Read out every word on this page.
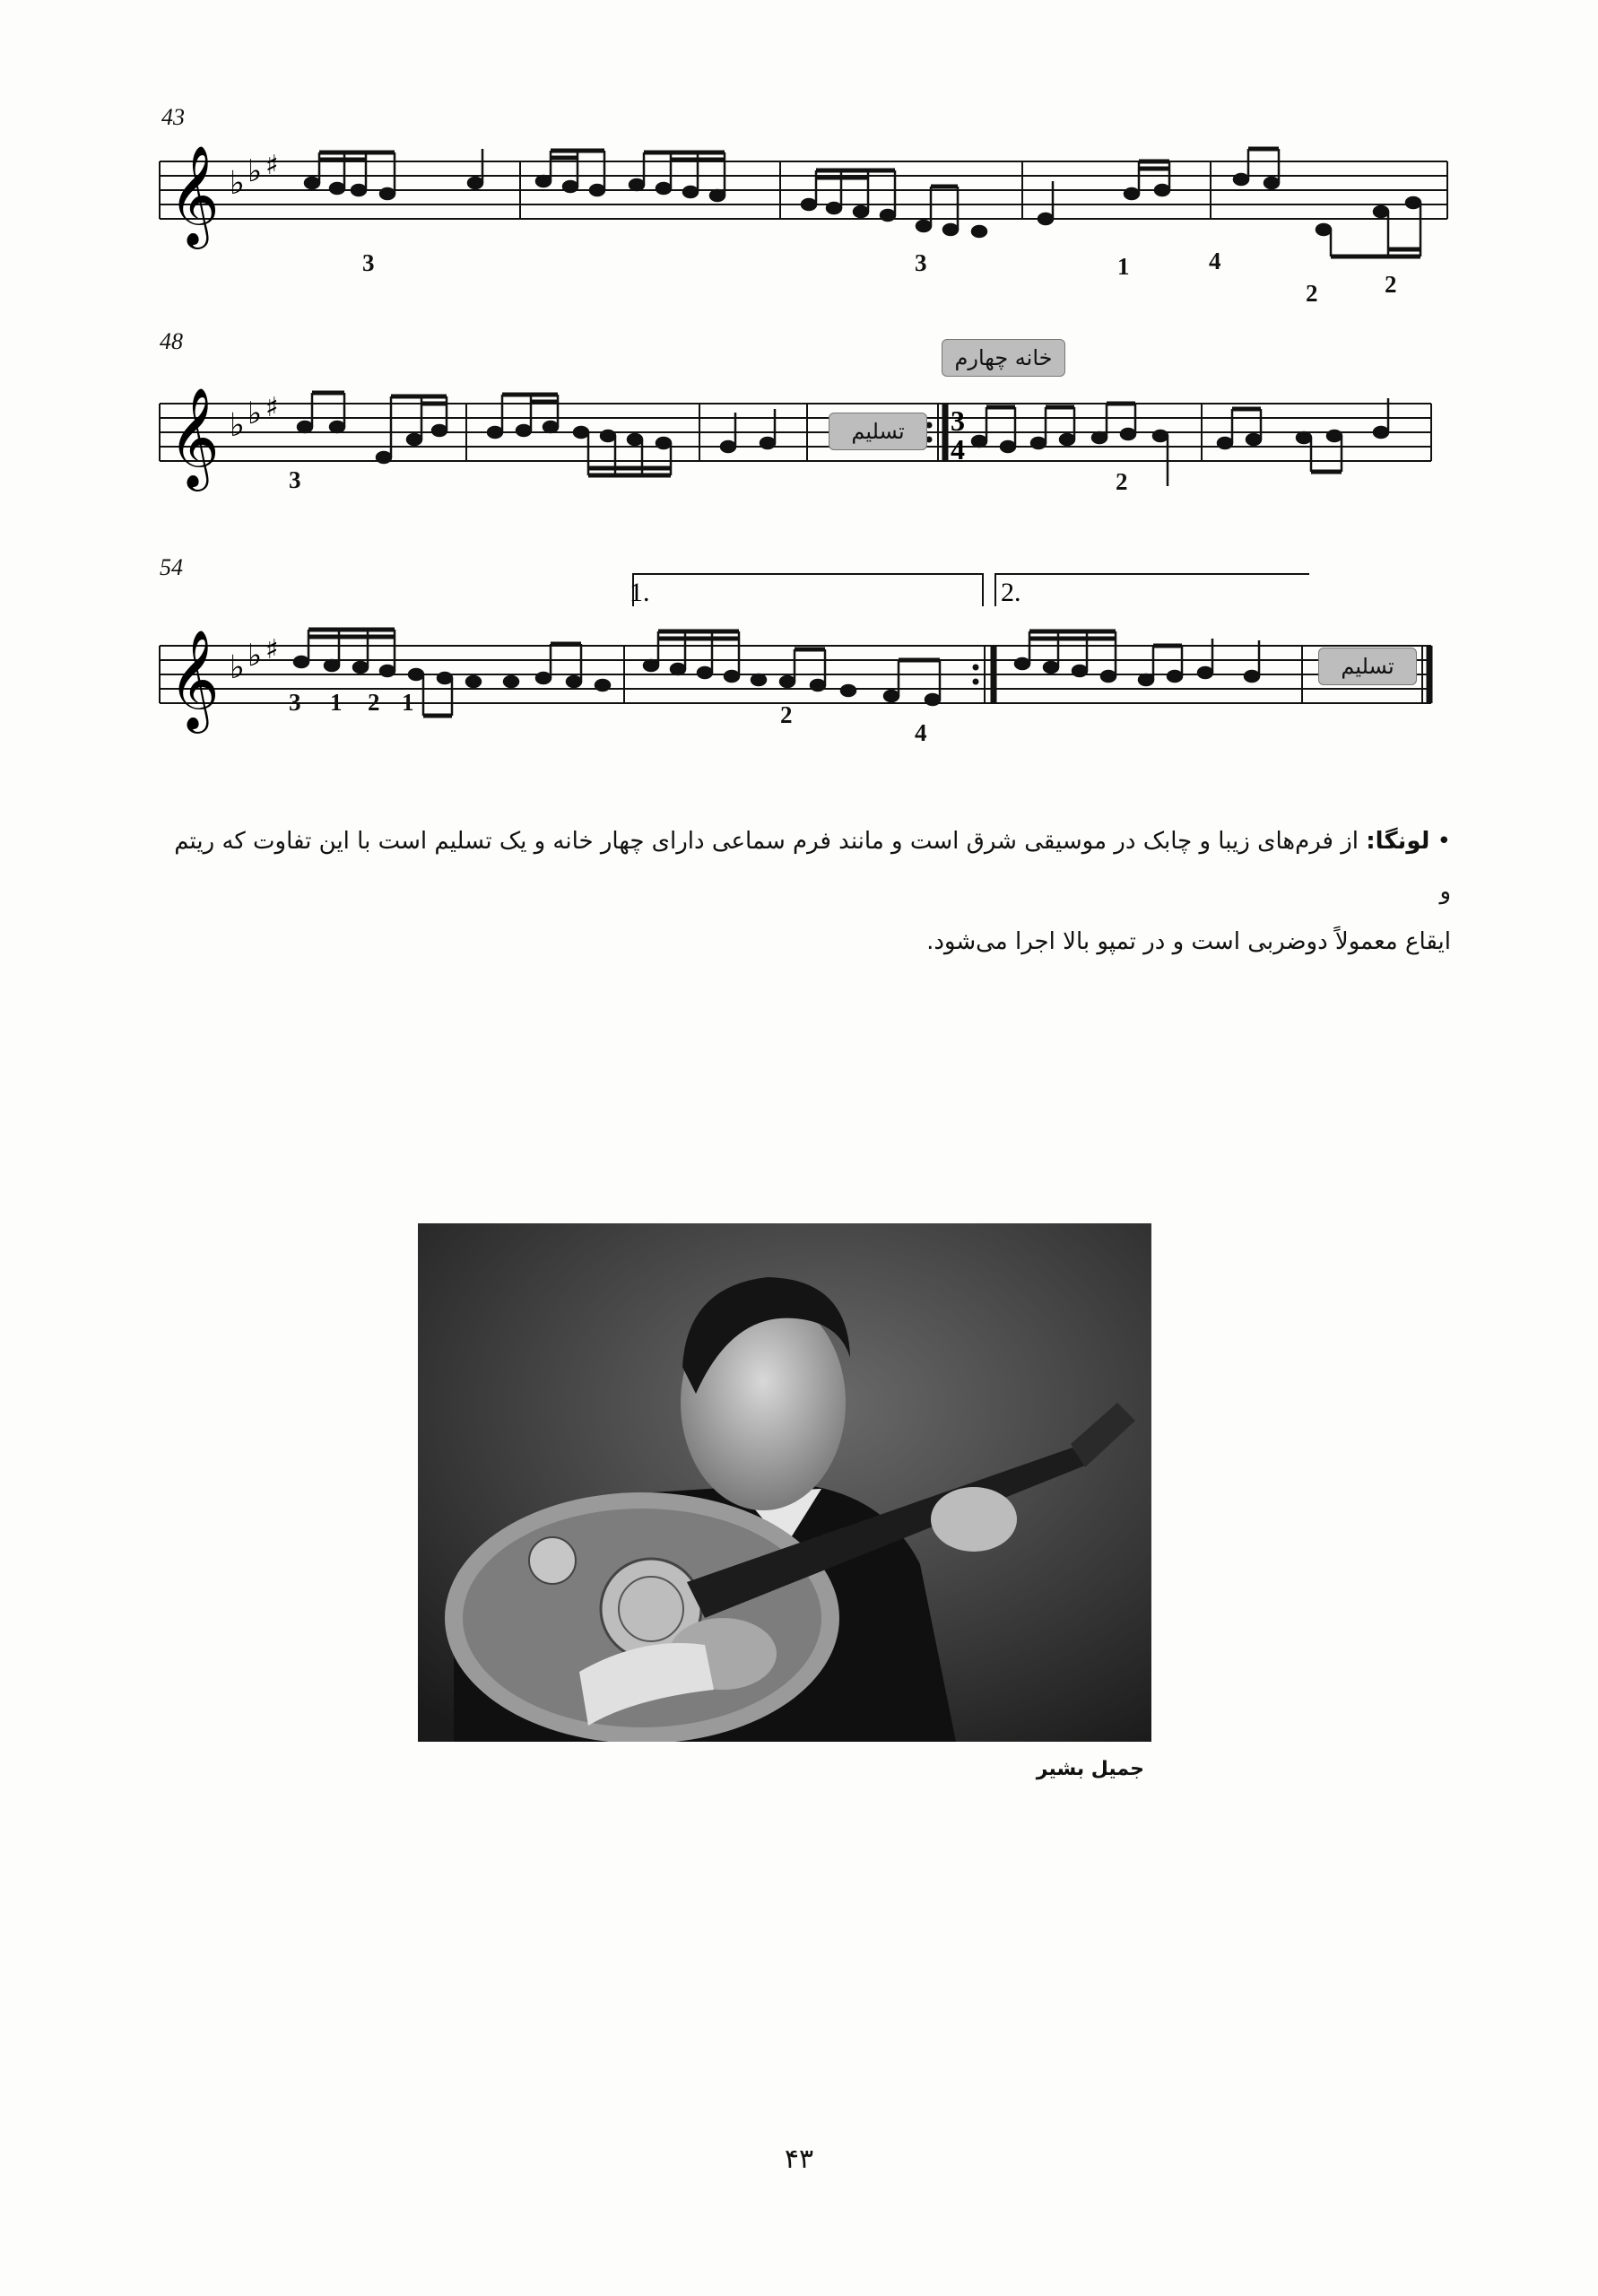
43
𝄞 ♭ ♭ ♯
3	3	1	4
2	2
48
خانه چهارم
𝄞 ♭ ♭ ♯	3
4
تسلیم
3	2
54
𝄞 ♭ ♭ ♯
1.	2.
تسلیم
3 1 2 1	2
4
• لونگا: از فرم‌های زیبا و چابک در موسیقی شرق است و مانند فرم سماعی دارای چهار خانه و یک تسلیم است با این تفاوت که ریتم و
ایقاع معمولاً دوضربی است و در تمپو بالا اجرا می‌شود.
جمیل بشیر
۴۳
